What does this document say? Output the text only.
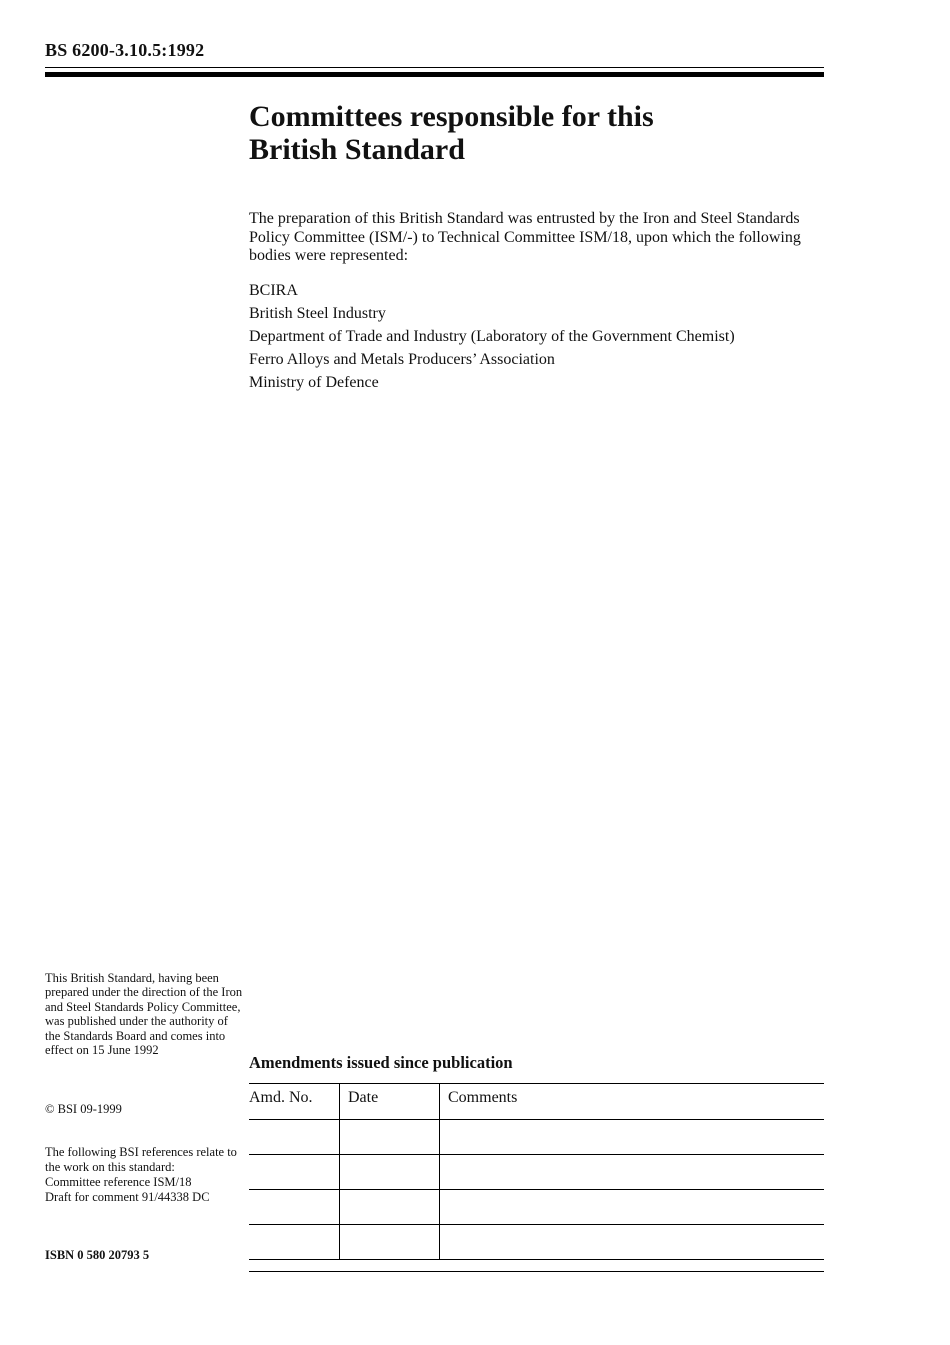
BS 6200-3.10.5:1992
Committees responsible for this
British Standard

The preparation of this British Standard was entrusted by the Iron and Steel Standards Policy Committee (ISM/-) to Technical Committee ISM/18, upon which the following bodies were represented:

BCIRA
British Steel Industry
Department of Trade and Industry (Laboratory of the Government Chemist)
Ferro Alloys and Metals Producers’ Association
Ministry of Defence

This British Standard, having been prepared under the direction of the Iron and Steel Standards Policy Committee, was published under the authority of the Standards Board and comes into effect on 15 June 1992

© BSI 09-1999
The following BSI references relate to the work on this standard:
Committee reference ISM/18
Draft for comment 91/44338 DC
ISBN 0 580 20793 5
Amendments issued since publication
Amd. No.	Date	Comments
